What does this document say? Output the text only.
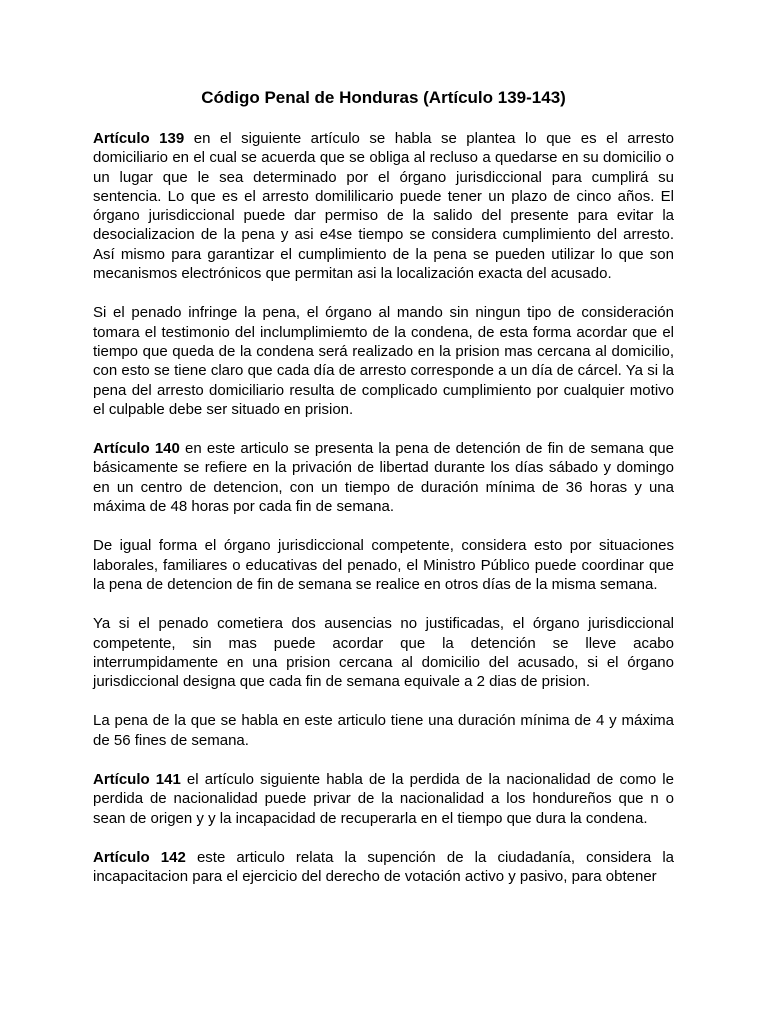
Código Penal de Honduras (Artículo 139-143)

Artículo 139 en el siguiente artículo se habla se plantea lo que es el arresto domiciliario en el cual se acuerda que se obliga al recluso a quedarse en su domicilio o un lugar que le sea determinado por el órgano jurisdiccional para cumplirá su sentencia. Lo que es el arresto domililicario puede tener un plazo de cinco años. El órgano jurisdiccional puede dar permiso de la salido del presente para evitar la desocializacion de la pena y asi e4se tiempo se considera cumplimiento del arresto. Así mismo para garantizar el cumplimiento de la pena se pueden utilizar lo que son mecanismos electrónicos que permitan asi la localización exacta del acusado.

Si el penado infringe la pena, el órgano al mando sin ningun tipo de consideración tomara el testimonio del inclumplimiemto de la condena, de esta forma acordar que el tiempo que queda de la condena será realizado en la prision mas cercana al domicilio, con esto se tiene claro que cada día de arresto corresponde a un día de cárcel. Ya si la pena del arresto domiciliario resulta de complicado cumplimiento por cualquier motivo el culpable debe ser situado en prision.

Artículo 140 en este articulo se presenta la pena de detención de fin de semana que básicamente se refiere en la privación de libertad durante los días sábado y domingo en un centro de detencion, con un tiempo de duración mínima de 36 horas y una máxima de 48 horas por cada fin de semana.

De igual forma el órgano jurisdiccional competente, considera esto por situaciones laborales, familiares o educativas del penado, el Ministro Público puede coordinar que la pena de detencion de fin de semana se realice en otros días de la misma semana.

Ya si el penado cometiera dos ausencias no justificadas, el órgano jurisdiccional competente, sin mas puede acordar que la detención se lleve acabo interrumpidamente en una prision cercana al domicilio del acusado, si el órgano jurisdiccional designa que cada fin de semana equivale a 2 dias de prision.

La pena de la que se habla en este articulo tiene una duración mínima de 4 y máxima de 56 fines de semana.

Artículo 141 el artículo siguiente habla de la perdida de la nacionalidad de como le perdida de nacionalidad puede privar de la nacionalidad a los hondureños que n o sean de origen y y la incapacidad de recuperarla en el tiempo que dura la condena.

Artículo 142 este articulo relata la supención de la ciudadanía, considera la incapacitacion para el ejercicio del derecho de votación activo y pasivo, para obtener
